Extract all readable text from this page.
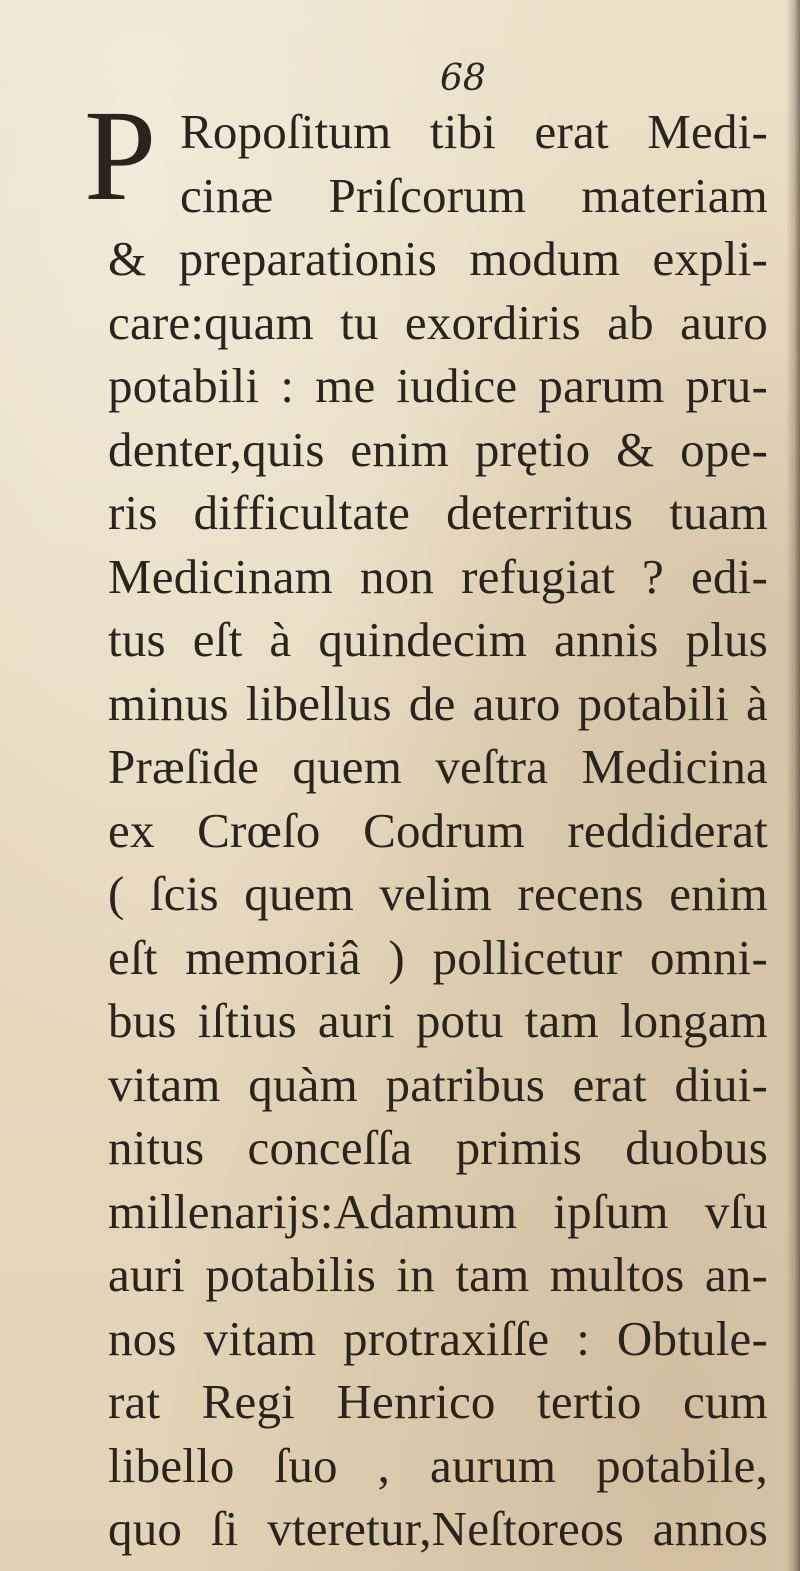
68
P Ropoſitum tibi erat Medi-
cinæ Priſcorum materiam
& preparationis modum expli-
care:quam tu exordiris ab auro
potabili : me iudice parum pru-
denter,quis enim prętio & ope-
ris difficultate deterritus tuam
Medicinam non refugiat ? edi-
tus eſt à quindecim annis plus
minus libellus de auro potabili à
Præſide quem veſtra Medicina
ex Crœſo Codrum reddiderat
( ſcis quem velim recens enim
eſt memoriâ ) pollicetur omni-
bus iſtius auri potu tam longam
vitam quàm patribus erat diui-
nitus conceſſa primis duobus
millenarijs:Adamum ipſum vſu
auri potabilis in tam multos an-
nos vitam protraxiſſe : Obtule-
rat Regi Henrico tertio cum
libello ſuo , aurum potabile,
quo ſi vteretur,Neſtoreos annos
